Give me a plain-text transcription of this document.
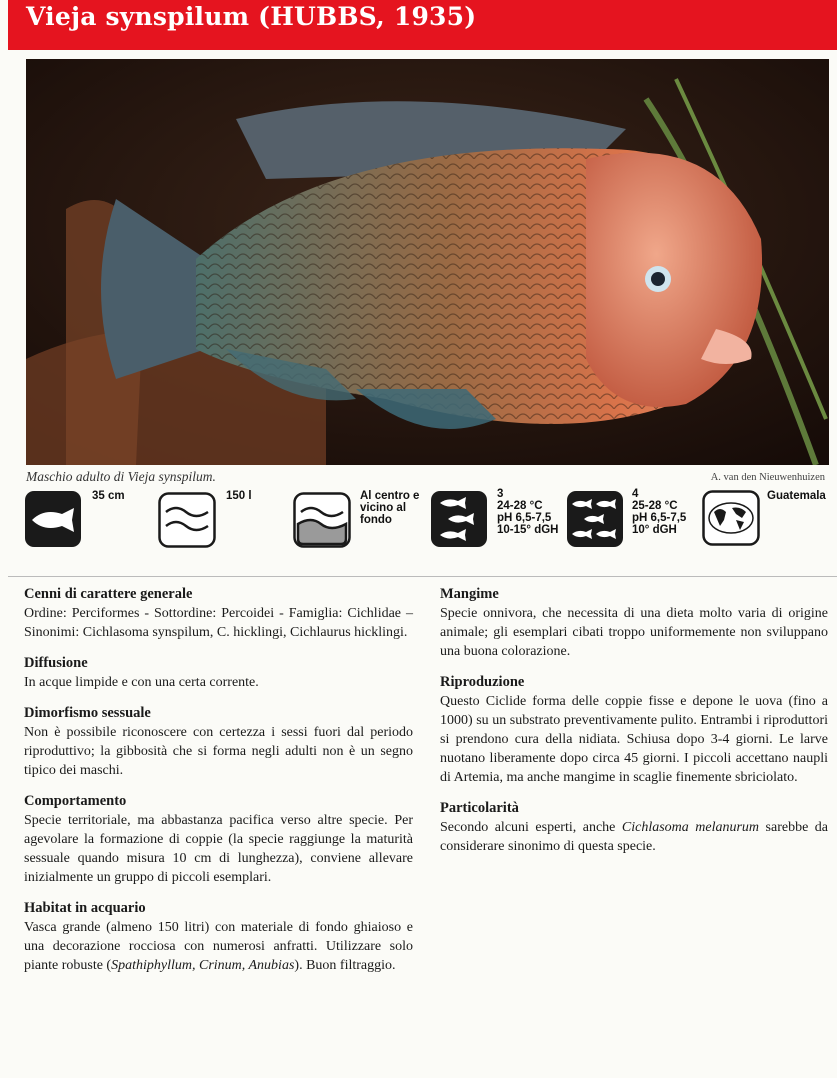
Vieja synspilum (HUBBS, 1935)
Maschio adulto di Vieja synspilum.	A. van den Nieuwenhuizen
35 cm	150 l	Al centro e
vicino al
fondo
3
24-28 °C
pH 6,5-7,5
10-15° dGH
4
25-28 °C
pH 6,5-7,5
10° dGH
Guatemala
Cenni di carattere generale

Ordine: Perciformes - Sottordine: Percoidei - Famiglia: Cichlidae – Sinonimi: Cichlasoma synspilum, C. hicklingi, Cichlaurus hicklingi.

Diffusione

In acque limpide e con una certa corrente.

Dimorfismo sessuale

Non è possibile riconoscere con certezza i sessi fuori dal periodo riproduttivo; la gibbosità che si forma negli adulti non è un segno tipico dei maschi.

Comportamento

Specie territoriale, ma abbastanza pacifica verso altre specie. Per agevolare la formazione di coppie (la specie raggiunge la maturità sessuale quando misura 10 cm di lunghezza), conviene allevare inizialmente un gruppo di piccoli esemplari.

Habitat in acquario

Vasca grande (almeno 150 litri) con materiale di fondo ghiaioso e una decorazione rocciosa con numerosi anfratti. Utilizzare solo piante robuste (Spathiphyllum, Crinum, Anubias). Buon filtraggio.

Mangime

Specie onnivora, che necessita di una dieta molto varia di origine animale; gli esemplari cibati troppo uniformemente non sviluppano una buona colorazione.

Riproduzione

Questo Ciclide forma delle coppie fisse e depone le uova (fino a 1000) su un substrato preventivamente pulito. Entrambi i riproduttori si prendono cura della nidiata. Schiusa dopo 3-4 giorni. Le larve nuotano liberamente dopo circa 45 giorni. I piccoli accettano naupli di Artemia, ma anche mangime in scaglie finemente sbriciolato.

Particolarità

Secondo alcuni esperti, anche Cichlasoma melanurum sarebbe da considerare sinonimo di questa specie.
